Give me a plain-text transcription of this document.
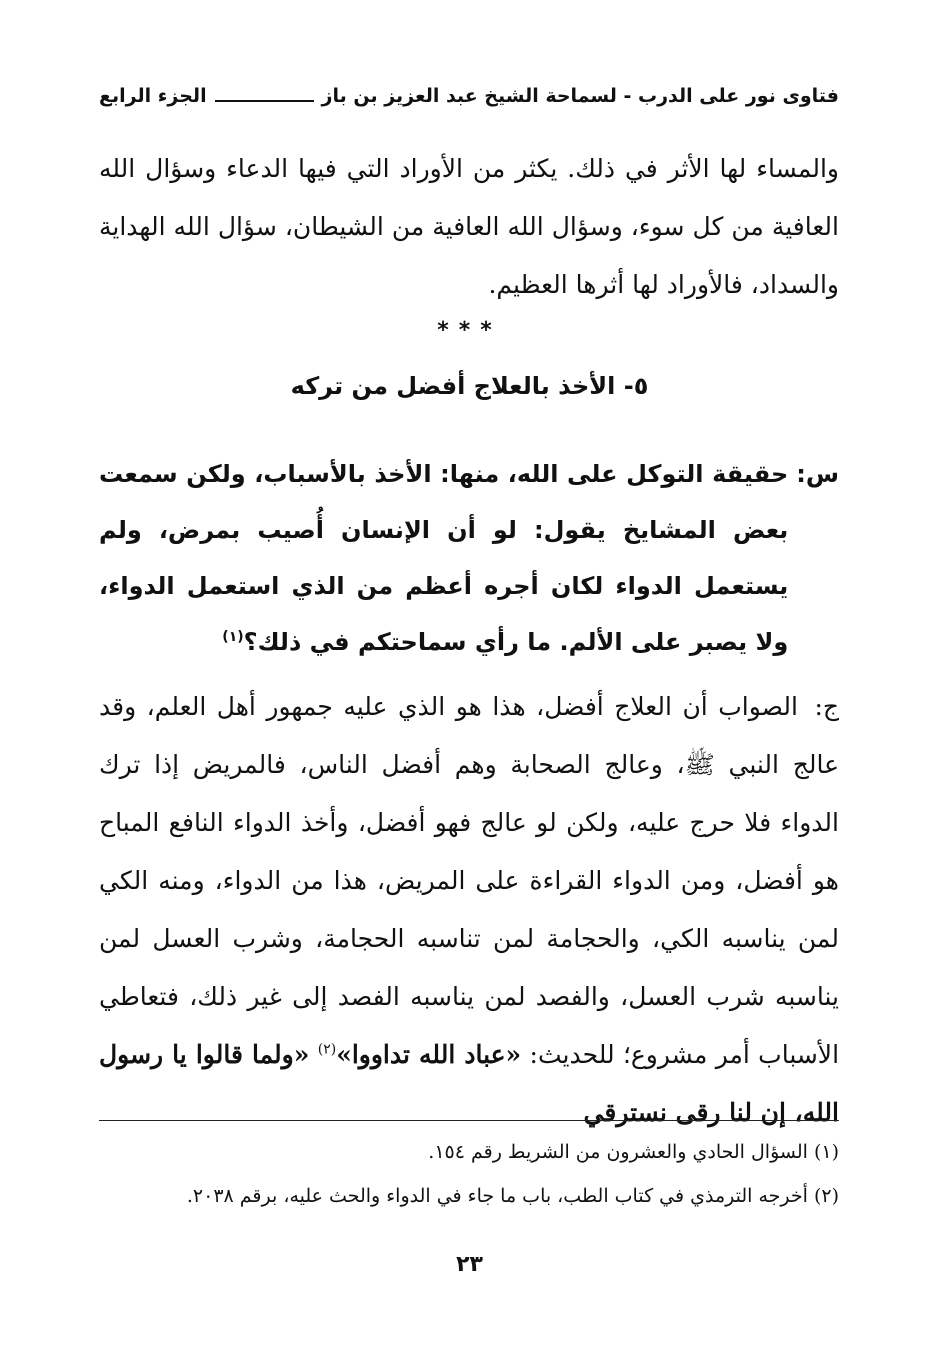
فتاوى نور على الدرب - لسماحة الشيخ عبد العزيز بن باز
الجزء الرابع
والمساء لها الأثر في ذلك. يكثر من الأوراد التي فيها الدعاء وسؤال الله العافية من كل سوء، وسؤال الله العافية من الشيطان، سؤال الله الهداية والسداد، فالأوراد لها أثرها العظيم.
***
٥- الأخذ بالعلاج أفضل من تركه
س:
حقيقة التوكل على الله، منها: الأخذ بالأسباب، ولكن سمعت بعض المشايخ يقول: لو أن الإنسان أُصيب بمرض، ولم يستعمل الدواء لكان أجره أعظم من الذي استعمل الدواء، ولا يصبر على الألم. ما رأي سماحتكم في ذلك؟$^{(١)}$
ج: الصواب أن العلاج أفضل، هذا هو الذي عليه جمهور أهل العلم، وقد عالج النبي ﷺ، وعالج الصحابة وهم أفضل الناس، فالمريض إذا ترك الدواء فلا حرج عليه، ولكن لو عالج فهو أفضل، وأخذ الدواء النافع المباح هو أفضل، ومن الدواء القراءة على المريض، هذا من الدواء، ومنه الكي لمن يناسبه الكي، والحجامة لمن تناسبه الحجامة، وشرب العسل لمن يناسبه شرب العسل، والفصد لمن يناسبه الفصد إلى غير ذلك، فتعاطي الأسباب أمر مشروع؛ للحديث: «عباد الله تداووا»$^{(٢)}$ «ولما قالوا يا رسول الله، إن لنا رقى نسترقي
(١) السؤال الحادي والعشرون من الشريط رقم ١٥٤.
(٢) أخرجه الترمذي في كتاب الطب، باب ما جاء في الدواء والحث عليه، برقم ٢٠٣٨.
٢٣
